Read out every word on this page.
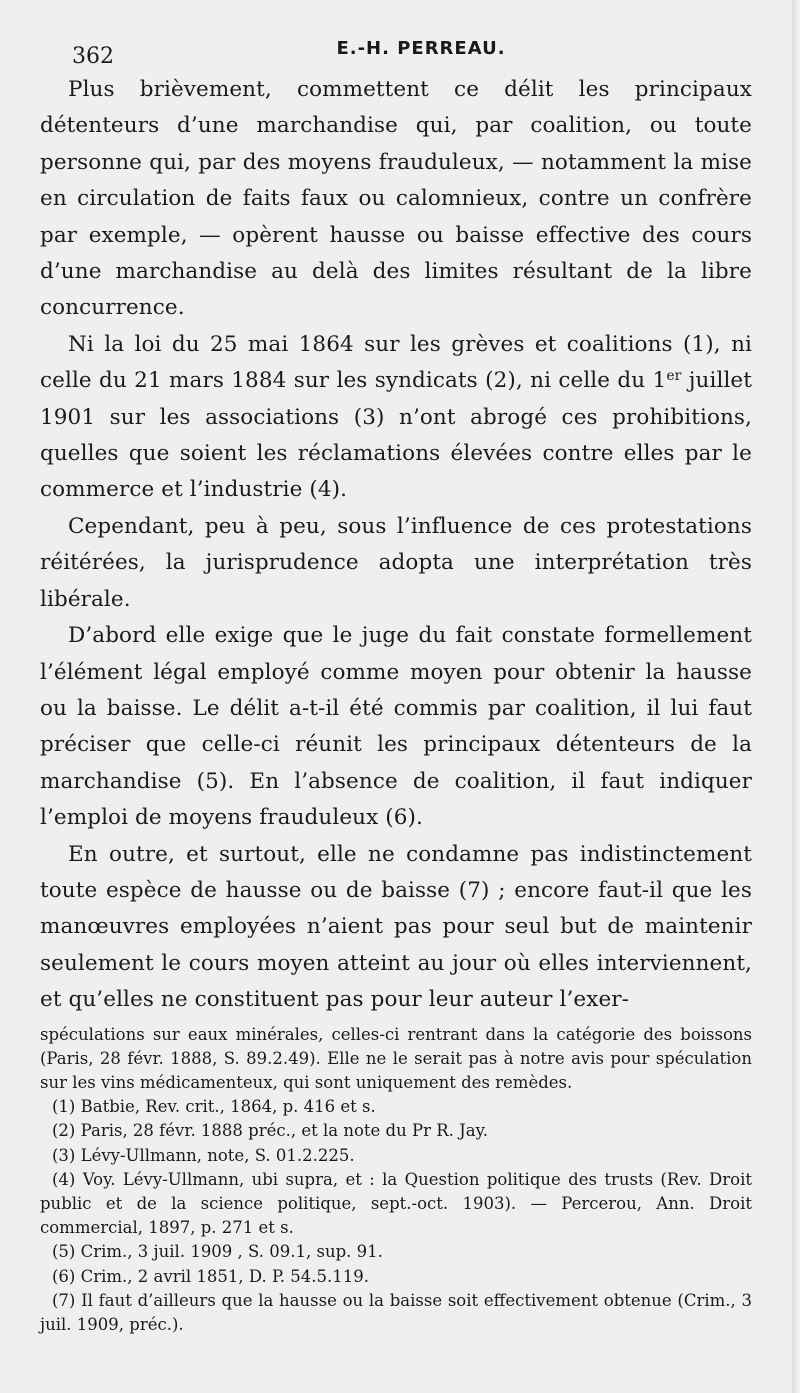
362	E.-H. PERREAU.

Plus brièvement, commettent ce délit les principaux détenteurs d’une marchandise qui, par coalition, ou toute personne qui, par des moyens frauduleux, — notamment la mise en circulation de faits faux ou calomnieux, contre un confrère par exemple, — opèrent hausse ou baisse effective des cours d’une marchandise au delà des limites résultant de la libre concurrence.

Ni la loi du 25 mai 1864 sur les grèves et coalitions (1), ni celle du 21 mars 1884 sur les syndicats (2), ni celle du 1er juillet 1901 sur les associations (3) n’ont abrogé ces prohibitions, quelles que soient les réclamations élevées contre elles par le commerce et l’industrie (4).

Cependant, peu à peu, sous l’influence de ces protestations réitérées, la jurisprudence adopta une interprétation très libérale.

D’abord elle exige que le juge du fait constate formellement l’élément légal employé comme moyen pour obtenir la hausse ou la baisse. Le délit a-t-il été commis par coalition, il lui faut préciser que celle-ci réunit les principaux détenteurs de la marchandise (5). En l’absence de coalition, il faut indiquer l’emploi de moyens frauduleux (6).

En outre, et surtout, elle ne condamne pas indistinctement toute espèce de hausse ou de baisse (7) ; encore faut-il que les manœuvres employées n’aient pas pour seul but de maintenir seulement le cours moyen atteint au jour où elles interviennent, et qu’elles ne constituent pas pour leur auteur l’exer-

spéculations sur eaux minérales, celles-ci rentrant dans la catégorie des boissons (Paris, 28 févr. 1888, S. 89.2.49). Elle ne le serait pas à notre avis pour spéculation sur les vins médicamenteux, qui sont uniquement des remèdes.

(1) Batbie, Rev. crit., 1864, p. 416 et s.

(2) Paris, 28 févr. 1888 préc., et la note du Pr R. Jay.

(3) Lévy-Ullmann, note, S. 01.2.225.

(4) Voy. Lévy-Ullmann, ubi supra, et : la Question politique des trusts (Rev. Droit public et de la science politique, sept.-oct. 1903). — Percerou, Ann. Droit commercial, 1897, p. 271 et s.

(5) Crim., 3 juil. 1909 , S. 09.1, sup. 91.

(6) Crim., 2 avril 1851, D. P. 54.5.119.

(7) Il faut d’ailleurs que la hausse ou la baisse soit effectivement obtenue (Crim., 3 juil. 1909, préc.).
